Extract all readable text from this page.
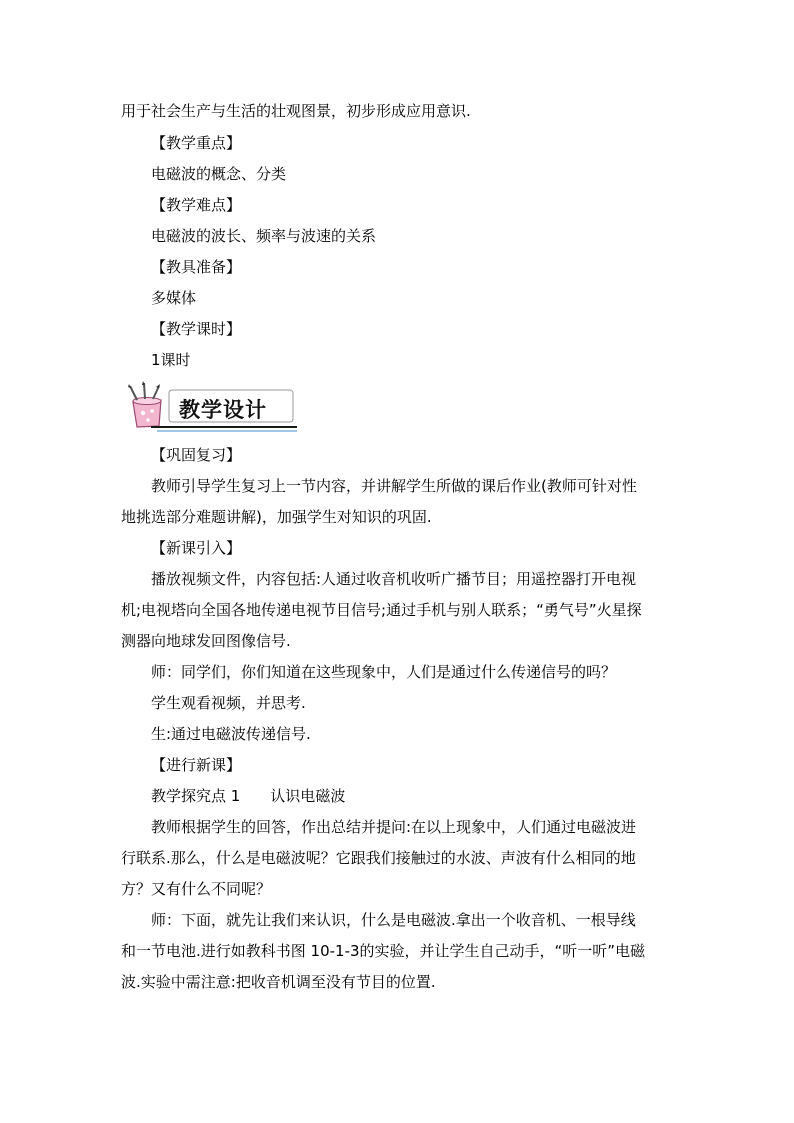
用于社会生产与生活的壮观图景，初步形成应用意识.
【教学重点】
电磁波的概念、分类
【教学难点】
电磁波的波长、频率与波速的关系
【教具准备】
多媒体
【教学课时】
1课时
教学设计
【巩固复习】
教师引导学生复习上一节内容，并讲解学生所做的课后作业(教师可针对性
地挑选部分难题讲解)，加强学生对知识的巩固.
【新课引入】
播放视频文件，内容包括:人通过收音机收听广播节目；用遥控器打开电视
机;电视塔向全国各地传递电视节目信号;通过手机与别人联系；“勇气号”火星探
测器向地球发回图像信号.
师：同学们，你们知道在这些现象中，人们是通过什么传递信号的吗？
学生观看视频，并思考.
生:通过电磁波传递信号.
【进行新课】
教学探究点 1　　认识电磁波
教师根据学生的回答，作出总结并提问:在以上现象中，人们通过电磁波进
行联系.那么，什么是电磁波呢？它跟我们接触过的水波、声波有什么相同的地
方？又有什么不同呢？
师：下面，就先让我们来认识，什么是电磁波.拿出一个收音机、一根导线
和一节电池.进行如教科书图 10-1-3的实验，并让学生自己动手，“听一听”电磁
波.实验中需注意:把收音机调至没有节目的位置.
